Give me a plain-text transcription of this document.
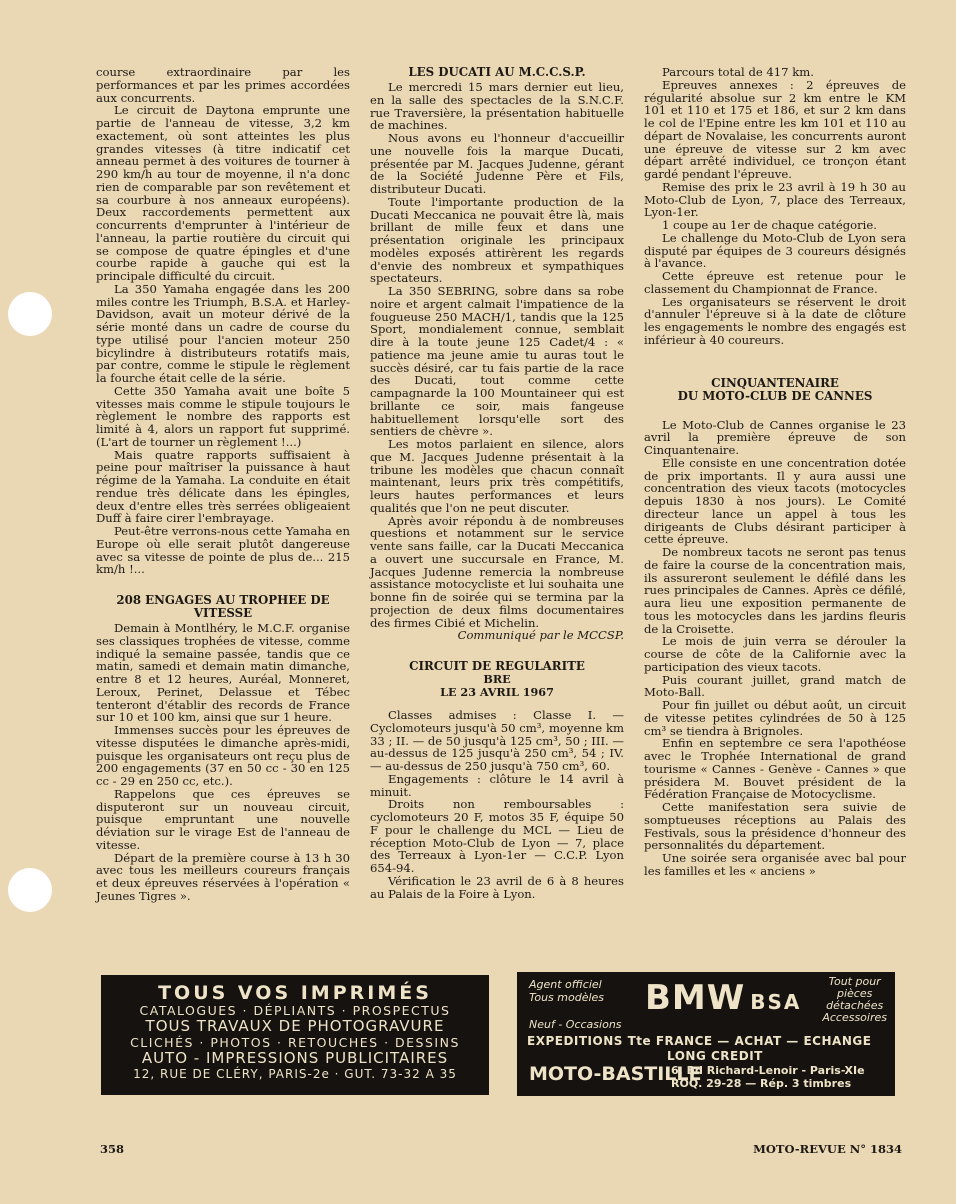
course extraordinaire par les performances et par les primes accordées aux concurrents.

Le circuit de Daytona emprunte une partie de l'anneau de vitesse, 3,2 km exactement, où sont atteintes les plus grandes vitesses (à titre indicatif cet anneau permet à des voitures de tourner à 290 km/h au tour de moyenne, il n'a donc rien de comparable par son revêtement et sa courbure à nos anneaux européens). Deux raccordements permettent aux concurrents d'emprunter à l'intérieur de l'anneau, la partie routière du circuit qui se compose de quatre épingles et d'une courbe rapide à gauche qui est la principale difficulté du circuit.

La 350 Yamaha engagée dans les 200 miles contre les Triumph, B.S.A. et Harley-Davidson, avait un moteur dérivé de la série monté dans un cadre de course du type utilisé pour l'ancien moteur 250 bicylindre à distributeurs rotatifs mais, par contre, comme le stipule le règlement la fourche était celle de la série.

Cette 350 Yamaha avait une boîte 5 vitesses mais comme le stipule toujours le règlement le nombre des rapports est limité à 4, alors un rapport fut supprimé. (L'art de tourner un règlement !...)

Mais quatre rapports suffisaient à peine pour maîtriser la puissance à haut régime de la Yamaha. La conduite en était rendue très délicate dans les épingles, deux d'entre elles très serrées obligeaient Duff à faire cirer l'embrayage.

Peut-être verrons-nous cette Yamaha en Europe où elle serait plutôt dangereuse avec sa vitesse de pointe de plus de... 215 km/h !...

208 ENGAGES AU TROPHEE DE VITESSE

Demain à Montlhéry, le M.C.F. organise ses classiques trophées de vitesse, comme indiqué la semaine passée, tandis que ce matin, samedi et demain matin dimanche, entre 8 et 12 heures, Auréal, Monneret, Leroux, Perinet, Delassue et Tébec tenteront d'établir des records de France sur 10 et 100 km, ainsi que sur 1 heure.

Immenses succès pour les épreuves de vitesse disputées le dimanche après-midi, puisque les organisateurs ont reçu plus de 200 engagements (37 en 50 cc - 30 en 125 cc - 29 en 250 cc, etc.).

Rappelons que ces épreuves se disputeront sur un nouveau circuit, puisque empruntant une nouvelle déviation sur le virage Est de l'anneau de vitesse.

Départ de la première course à 13 h 30 avec tous les meilleurs coureurs français et deux épreuves réservées à l'opération « Jeunes Tigres ».

LES DUCATI AU M.C.C.S.P.

Le mercredi 15 mars dernier eut lieu, en la salle des spectacles de la S.N.C.F. rue Traversière, la présentation habituelle de machines.

Nous avons eu l'honneur d'accueillir une nouvelle fois la marque Ducati, présentée par M. Jacques Judenne, gérant de la Société Judenne Père et Fils, distributeur Ducati.

Toute l'importante production de la Ducati Meccanica ne pouvait être là, mais brillant de mille feux et dans une présentation originale les principaux modèles exposés attirèrent les regards d'envie des nombreux et sympathiques spectateurs.

La 350 SEBRING, sobre dans sa robe noire et argent calmait l'impatience de la fougueuse 250 MACH/1, tandis que la 125 Sport, mondialement connue, semblait dire à la toute jeune 125 Cadet/4 : « patience ma jeune amie tu auras tout le succès désiré, car tu fais partie de la race des Ducati, tout comme cette campagnarde la 100 Mountaineer qui est brillante ce soir, mais fangeuse habituellement lorsqu'elle sort des sentiers de chèvre ».

Les motos parlaient en silence, alors que M. Jacques Judenne présentait à la tribune les modèles que chacun connaît maintenant, leurs prix très compétitifs, leurs hautes performances et leurs qualités que l'on ne peut discuter.

Après avoir répondu à de nombreuses questions et notamment sur le service vente sans faille, car la Ducati Meccanica a ouvert une succursale en France, M. Jacques Judenne remercia la nombreuse assistance motocycliste et lui souhaita une bonne fin de soirée qui se termina par la projection de deux films documentaires des firmes Cibié et Michelin.

Communiqué par le MCCSP.
CIRCUIT DE REGULARITE
BRE
LE 23 AVRIL 1967

Classes admises : Classe I. — Cyclomoteurs jusqu'à 50 cm³, moyenne km 33 ; II. — de 50 jusqu'à 125 cm³, 50 ; III. — au-dessus de 125 jusqu'à 250 cm³, 54 ; IV. — au-dessus de 250 jusqu'à 750 cm³, 60.

Engagements : clôture le 14 avril à minuit.

Droits non remboursables : cyclomoteurs 20 F, motos 35 F, équipe 50 F pour le challenge du MCL — Lieu de réception Moto-Club de Lyon — 7, place des Terreaux à Lyon-1er — C.C.P. Lyon 654-94.

Vérification le 23 avril de 6 à 8 heures au Palais de la Foire à Lyon.

Parcours total de 417 km.

Epreuves annexes : 2 épreuves de régularité absolue sur 2 km entre le KM 101 et 110 et 175 et 186, et sur 2 km dans le col de l'Epine entre les km 101 et 110 au départ de Novalaise, les concurrents auront une épreuve de vitesse sur 2 km avec départ arrêté individuel, ce tronçon étant gardé pendant l'épreuve.

Remise des prix le 23 avril à 19 h 30 au Moto-Club de Lyon, 7, place des Terreaux, Lyon-1er.

1 coupe au 1er de chaque catégorie.

Le challenge du Moto-Club de Lyon sera disputé par équipes de 3 coureurs désignés à l'avance.

Cette épreuve est retenue pour le classement du Championnat de France.

Les organisateurs se réservent le droit d'annuler l'épreuve si à la date de clôture les engagements le nombre des engagés est inférieur à 40 coureurs.

CINQUANTENAIRE
DU MOTO-CLUB DE CANNES

Le Moto-Club de Cannes organise le 23 avril la première épreuve de son Cinquantenaire.

Elle consiste en une concentration dotée de prix importants. Il y aura aussi une concentration des vieux tacots (motocycles depuis 1830 à nos jours). Le Comité directeur lance un appel à tous les dirigeants de Clubs désirant participer à cette épreuve.

De nombreux tacots ne seront pas tenus de faire la course de la concentration mais, ils assureront seulement le défilé dans les rues principales de Cannes. Après ce défilé, aura lieu une exposition permanente de tous les motocycles dans les jardins fleuris de la Croisette.

Le mois de juin verra se dérouler la course de côte de la Californie avec la participation des vieux tacots.

Puis courant juillet, grand match de Moto-Ball.

Pour fin juillet ou début août, un circuit de vitesse petites cylindrées de 50 à 125 cm³ se tiendra à Brignoles.

Enfin en septembre ce sera l'apothéose avec le Trophée International de grand tourisme « Cannes - Genève - Cannes » que présidera M. Bouvet président de la Fédération Française de Motocyclisme.

Cette manifestation sera suivie de somptueuses réceptions au Palais des Festivals, sous la présidence d'honneur des personnalités du département.

Une soirée sera organisée avec bal pour les familles et les « anciens »

TOUS VOS IMPRIMÉS
CATALOGUES · DÉPLIANTS · PROSPECTUS
TOUS TRAVAUX DE PHOTOGRAVURE
CLICHÉS · PHOTOS · RETOUCHES · DESSINS
AUTO - IMPRESSIONS PUBLICITAIRES
12, RUE DE CLÉRY, PARIS-2e · GUT. 73-32 A 35
Agent officiel
Tous modèles BMW
- BSA
Tout pour
pièces
détachées
Accessoires
Neuf - Occasions
EXPEDITIONS Tte FRANCE — ACHAT — ECHANGE
LONG CREDIT
MOTO-BASTILLE
6, Bd Richard-Lenoir - Paris-XIe
ROQ. 29-28 — Rép. 3 timbres
358	MOTO-REVUE N° 1834
